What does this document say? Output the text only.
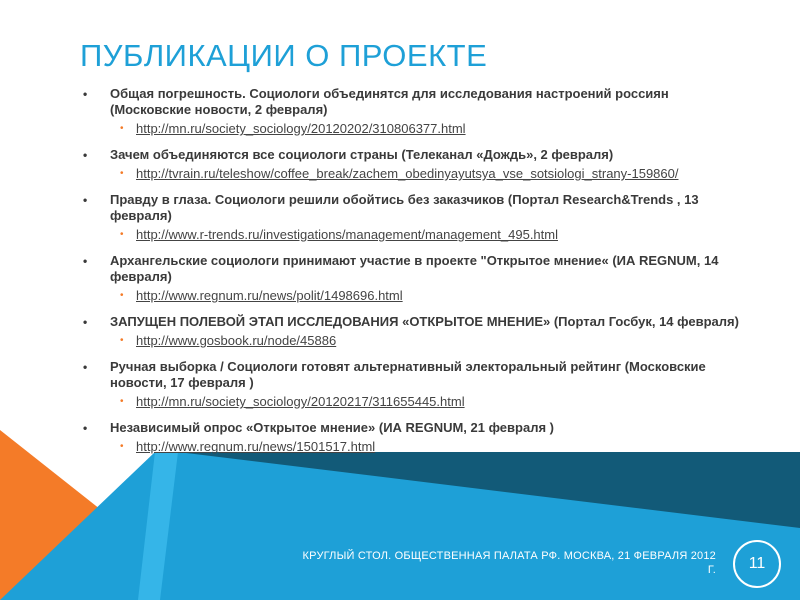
ПУБЛИКАЦИИ О ПРОЕКТЕ
• Общая погрешность. Социологи объединятся для исследования настроений россиян (Московские новости, 2 февраля)
• http://mn.ru/society_sociology/20120202/310806377.html
• Зачем объединяются все социологи страны (Телеканал «Дождь», 2 февраля)
• http://tvrain.ru/teleshow/coffee_break/zachem_obedinyayutsya_vse_sotsiologi_strany-159860/
• Правду в глаза. Социологи решили обойтись без заказчиков (Портал Research&Trends , 13 февраля)
• http://www.r-trends.ru/investigations/management/management_495.html
• Архангельские социологи принимают участие в проекте "Открытое мнение« (ИА REGNUM, 14 февраля)
• http://www.regnum.ru/news/polit/1498696.html
• ЗАПУЩЕН ПОЛЕВОЙ ЭТАП ИССЛЕДОВАНИЯ «ОТКРЫТОЕ МНЕНИЕ» (Портал Госбук, 14 февраля)
• http://www.gosbook.ru/node/45886
• Ручная выборка / Социологи готовят альтернативный электоральный рейтинг (Московские новости, 17 февраля )
• http://mn.ru/society_sociology/20120217/311655445.html
• Независимый опрос «Открытое мнение» (ИА REGNUM, 21 февраля )
• http://www.regnum.ru/news/1501517.html
КРУГЛЫЙ СТОЛ. ОБЩЕСТВЕННАЯ ПАЛАТА РФ. МОСКВА, 21 ФЕВРАЛЯ 2012 Г.	11
